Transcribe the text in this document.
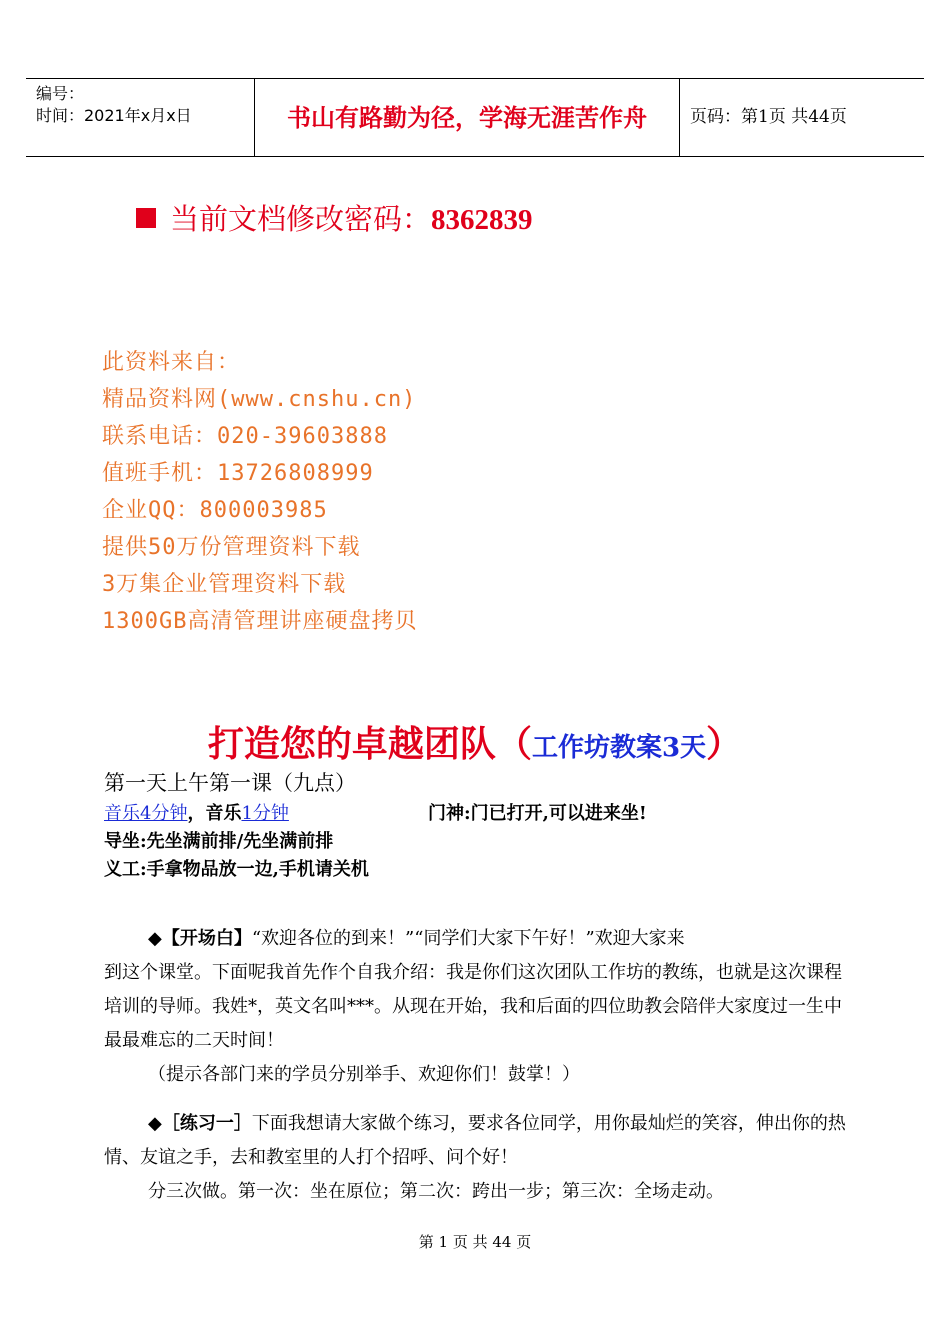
编号：
时间：2021年x月x日	书山有路勤为径，学海无涯苦作舟	页码：第1页 共44页
当前文档修改密码：8362839
此资料来自：
精品资料网(www.cnshu.cn)
联系电话：020-39603888
值班手机：13726808999
企业QQ：800003985
提供50万份管理资料下载
3万集企业管理资料下载
1300GB高清管理讲座硬盘拷贝
打造您的卓越团队（工作坊教案3天）
第一天上午第一课（九点）
音乐4分钟，音乐1分钟	门神:门已打开,可以进来坐!
导坐:先坐满前排/先坐满前排
义工:手拿物品放一边,手机请关机

◆【开场白】“欢迎各位的到来！”“同学们大家下午好！”欢迎大家来

到这个课堂。下面呢我首先作个自我介绍：我是你们这次团队工作坊的教练，也就是这次课程培训的导师。我姓*，英文名叫***。从现在开始，我和后面的四位助教会陪伴大家度过一生中最最难忘的二天时间！

（提示各部门来的学员分别举手、欢迎你们！鼓掌！）

◆［练习一］下面我想请大家做个练习，要求各位同学，用你最灿烂的笑容，伸出你的热情、友谊之手，去和教室里的人打个招呼、问个好！

分三次做。第一次：坐在原位；第二次：跨出一步；第三次：全场走动。

第 1 页 共 44 页
